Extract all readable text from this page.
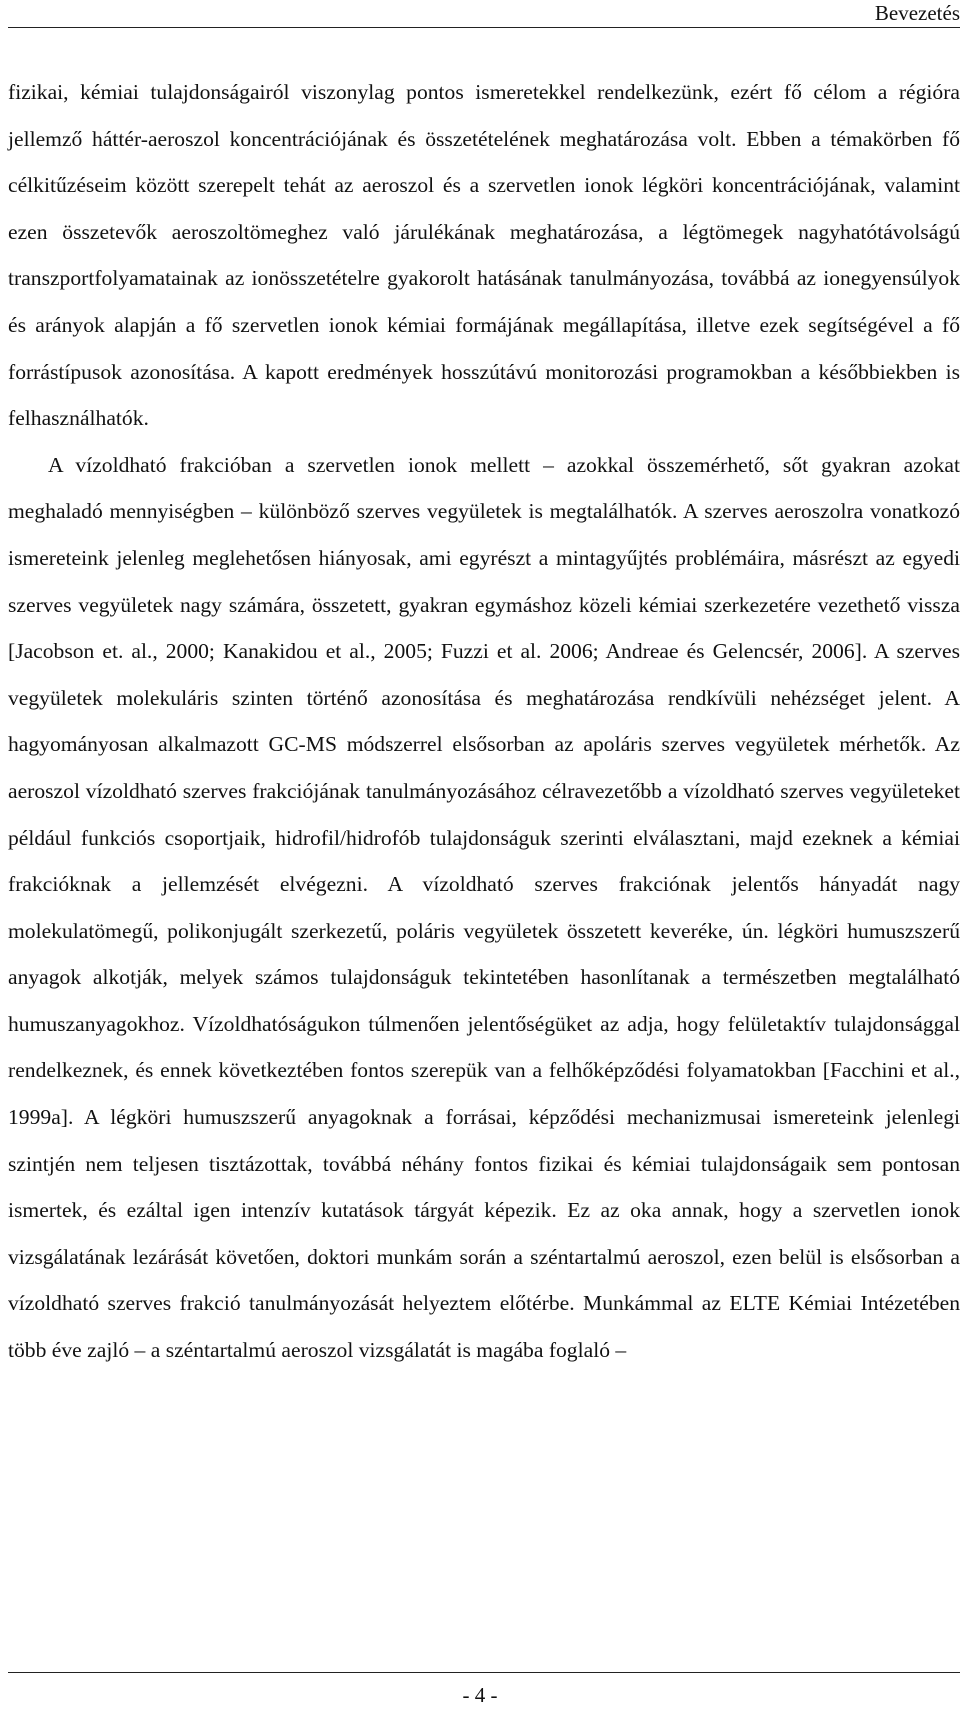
Bevezetés

fizikai, kémiai tulajdonságairól viszonylag pontos ismeretekkel rendelkezünk, ezért fő célom a régióra jellemző háttér-aeroszol koncentrációjának és összetételének meghatározása volt. Ebben a témakörben fő célkitűzéseim között szerepelt tehát az aeroszol és a szervetlen ionok légköri koncentrációjának, valamint ezen összetevők aeroszoltömeghez való járulékának meghatározása, a légtömegek nagyhatótávolságú transzportfolyamatainak az ionösszetételre gyakorolt hatásának tanulmányozása, továbbá az ionegyensúlyok és arányok alapján a fő szervetlen ionok kémiai formájának megállapítása, illetve ezek segítségével a fő forrástípusok azonosítása. A kapott eredmények hosszútávú monitorozási programokban a későbbiekben is felhasználhatók.

A vízoldható frakcióban a szervetlen ionok mellett – azokkal összemérhető, sőt gyakran azokat meghaladó mennyiségben – különböző szerves vegyületek is megtalálhatók. A szerves aeroszolra vonatkozó ismereteink jelenleg meglehetősen hiányosak, ami egyrészt a mintagyűjtés problémáira, másrészt az egyedi szerves vegyületek nagy számára, összetett, gyakran egymáshoz közeli kémiai szerkezetére vezethető vissza [Jacobson et. al., 2000; Kanakidou et al., 2005; Fuzzi et al. 2006; Andreae és Gelencsér, 2006]. A szerves vegyületek molekuláris szinten történő azonosítása és meghatározása rendkívüli nehézséget jelent. A hagyományosan alkalmazott GC-MS módszerrel elsősorban az apoláris szerves vegyületek mérhetők. Az aeroszol vízoldható szerves frakciójának tanulmányozásához célravezetőbb a vízoldható szerves vegyületeket például funkciós csoportjaik, hidrofil/hidrofób tulajdonságuk szerinti elválasztani, majd ezeknek a kémiai frakcióknak a jellemzését elvégezni. A vízoldható szerves frakciónak jelentős hányadát nagy molekulatömegű, polikonjugált szerkezetű, poláris vegyületek összetett keveréke, ún. légköri humuszszerű anyagok alkotják, melyek számos tulajdonságuk tekintetében hasonlítanak a természetben megtalálható humuszanyagokhoz. Vízoldhatóságukon túlmenően jelentőségüket az adja, hogy felületaktív tulajdonsággal rendelkeznek, és ennek következtében fontos szerepük van a felhőképződési folyamatokban [Facchini et al., 1999a]. A légköri humuszszerű anyagoknak a forrásai, képződési mechanizmusai ismereteink jelenlegi szintjén nem teljesen tisztázottak, továbbá néhány fontos fizikai és kémiai tulajdonságaik sem pontosan ismertek, és ezáltal igen intenzív kutatások tárgyát képezik. Ez az oka annak, hogy a szervetlen ionok vizsgálatának lezárását követően, doktori munkám során a széntartalmú aeroszol, ezen belül is elsősorban a vízoldható szerves frakció tanulmányozását helyeztem előtérbe. Munkámmal az ELTE Kémiai Intézetében több éve zajló – a széntartalmú aeroszol vizsgálatát is magába foglaló –

- 4 -
